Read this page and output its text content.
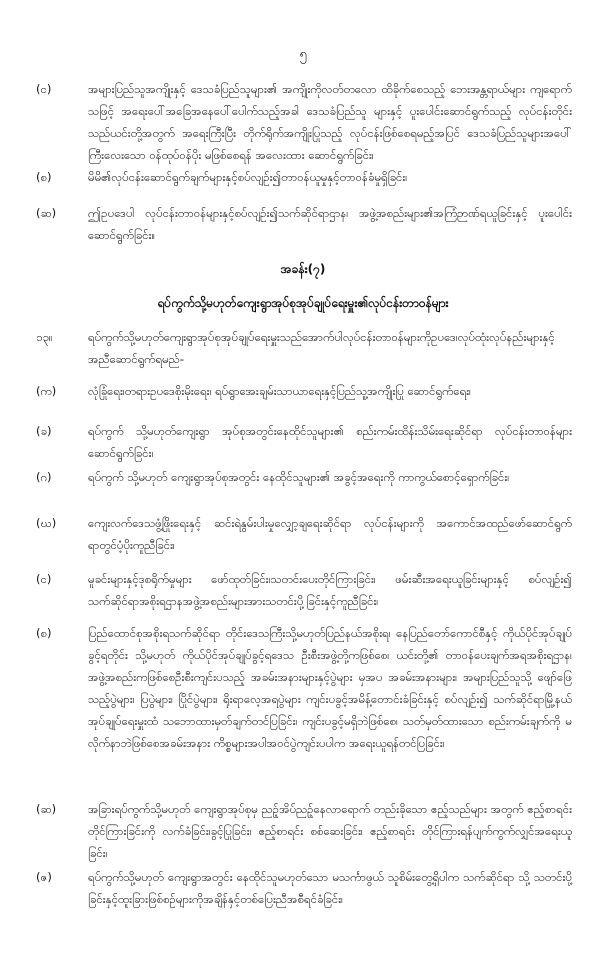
၅
(င)	အများပြည်သူအကျိုးနှင့် ဒေသခံပြည်သူများ၏ အကျိုးကိုလတ်တလော ထိခိုက်စေသည့် ဘေးအန္တရာယ်များ ကျရောက်သဖြင့် အရေးပေါ်အခြေအနေပေါ်ပေါက်သည့်အခါ ဒေသခံပြည်သူ များနှင့် ပူးပေါင်းဆောင်ရွက်သည့် လုပ်ငန်းတိုင်းသည်ယင်းတို့အတွက် အရေးကြီးပြီး တိုက်ရိုက်အကျိုးပြုသည့် လုပ်ငန်းဖြစ်စေရမည့်အပြင် ဒေသခံပြည်သူများအပေါ်ကြီးလေးသော ဝန်ထုပ်ဝန်ပိုး မဖြစ်စေရန် အလေးထား ဆောင်ရွက်ခြင်း၊
(စ)	မိမိ၏လုပ်ငန်းဆောင်ရွက်ချက်များနှင့်စပ်လျဉ်း၍တာဝန်ယူမှုနှင့်တာဝန်ခံမှုရှိခြင်း၊
(ဆ)	ဤဥပဒေပါ လုပ်ငန်းတာဝန်များနှင့်စပ်လျဉ်း၍သက်ဆိုင်ရာဌာန၊ အဖွဲ့အစည်းများ၏အကြံဉာဏ်ရယူခြင်းနှင့် ပူးပေါင်းဆောင်ရွက်ခြင်း။
အခန်း(၇)
ရပ်ကွက်သို့မဟုတ်ကျေးရွာအုပ်စုအုပ်ချုပ်ရေးမှူး၏လုပ်ငန်းတာဝန်များ
၁၃။	ရပ်ကွက်သို့မဟုတ်ကျေးရွာအုပ်စုအုပ်ချုပ်ရေးမှူးသည်အောက်ပါလုပ်ငန်းတာဝန်များကိုဥပဒေ၊လုပ်ထုံးလုပ်နည်းများနှင့်အညီဆောင်ရွက်ရမည်-
(က)	လုံခြုံရေး၊တရားဥပဒေစိုးမိုးရေး၊ ရပ်ရွာအေးချမ်းသာယာရေးနှင့်ပြည်သူ့အကျိုးပြု ဆောင်ရွက်ရေး၊
(ခ)	ရပ်ကွက် သို့မဟုတ်ကျေးရွာ အုပ်စုအတွင်းနေထိုင်သူများ၏ စည်းကမ်းထိန်းသိမ်းရေးဆိုင်ရာ လုပ်ငန်းတာဝန်များဆောင်ရွက်ခြင်း၊
(ဂ)	ရပ်ကွက် သို့မဟုတ် ကျေးရွာအုပ်စုအတွင်း နေထိုင်သူများ၏ အခွင့်အရေးကို ကာကွယ်စောင့်ရှောက်ခြင်း၊
(ဃ)	ကျေးလက်ဒေသဖွံ့ဖြိုးရေးနှင့် ဆင်းရဲနွမ်းပါးမှုလျှော့ချရေးဆိုင်ရာ လုပ်ငန်းများကို အကောင်အထည်ဖော်ဆောင်ရွက်ရာတွင်ပံ့ပိုးကူညီခြင်း၊
(င)	မူခင်းများနှင့်ဒုစရိုက်မှုများ ဖော်ထုတ်ခြင်း၊သတင်းပေးတိုင်ကြားခြင်း၊ ဖမ်းဆီးအရေးယူခြင်းများနှင့် စပ်လျဉ်း၍ သက်ဆိုင်ရာအစိုးရဌာနအဖွဲ့အစည်းများအားသတင်းပို့ခြင်းနှင့်ကူညီခြင်း၊
(စ)	ပြည်ထောင်စုအစိုးရသက်ဆိုင်ရာ တိုင်းဒေသကြီးသို့မဟုတ်ပြည်နယ်အစိုးရ၊ နေပြည်တော်ကောင်စီနှင့် ကိုယ်ပိုင်အုပ်ချုပ်ခွင့်ရတိုင်း သို့မဟုတ် ကိုယ်ပိုင်အုပ်ချုပ်ခွင့်ရဒေသ ဦးစီးအဖွဲ့တို့ကဖြစ်စေ၊ ယင်းတို့၏ တာဝန်ပေးချက်အရအစိုးရဌာန၊ အဖွဲ့အစည်းကဖြစ်စေဦးစီးကျင်းပသည့် အခမ်းအနားများနှင့်ပွဲများ မှအပ အခမ်းအနားများ၊ အများပြည်သူသို့ ဖျော်ဖြေသည့်ပွဲများ၊ ပြပွဲများ၊ ပြိုင်ပွဲများ၊ ရိုးရာလေ့အရပွဲများ ကျင်းပခွင့်အမိန့်တောင်းခံခြင်းနှင့် စပ်လျဉ်း၍ သက်ဆိုင်ရာမြို့နယ်အုပ်ချုပ်ရေးမှူးထံ သဘောထားမှတ်ချက်တင်ပြခြင်း၊ ကျင်းပခွင့်မရှိဘဲဖြစ်စေ၊ သတ်မှတ်ထားသော စည်းကမ်းချက်ကို မလိုက်နာဘဲဖြစ်စေအခမ်းအနား ကိစ္စများအပါအဝင်ပွဲကျင်းပပါက အရေးယူရန်တင်ပြခြင်း၊
(ဆ)	အခြားရပ်ကွက်သို့မဟုတ် ကျေးရွာအုပ်စုမှ ညဉ့်အိပ်ညဉ့်နေလာရောက် တည်းခိုသော ဧည့်သည်များ အတွက် ဧည့်စာရင်းတိုင်ကြားခြင်းကို လက်ခံခြင်း၊ခွင့်ပြုခြင်း၊ ဧည့်စာရင်း စစ်ဆေးခြင်း၊ ဧည့်စာရင်း တိုင်ကြားရန်ပျက်ကွက်လျှင်အရေးယူခြင်း၊
(ဇ)	ရပ်ကွက်သို့မဟုတ် ကျေးရွာအတွင်း နေထိုင်သူမဟုတ်သော မသင်္ကာဖွယ် သူစိမ်းတွေ့ရှိပါက သက်ဆိုင်ရာ သို့ သတင်းပို့ခြင်းနှင့်ထူးခြားဖြစ်စဉ်များကိုအချိန်နှင့်တစ်ပြေးညီအစီရင်ခံခြင်း၊
